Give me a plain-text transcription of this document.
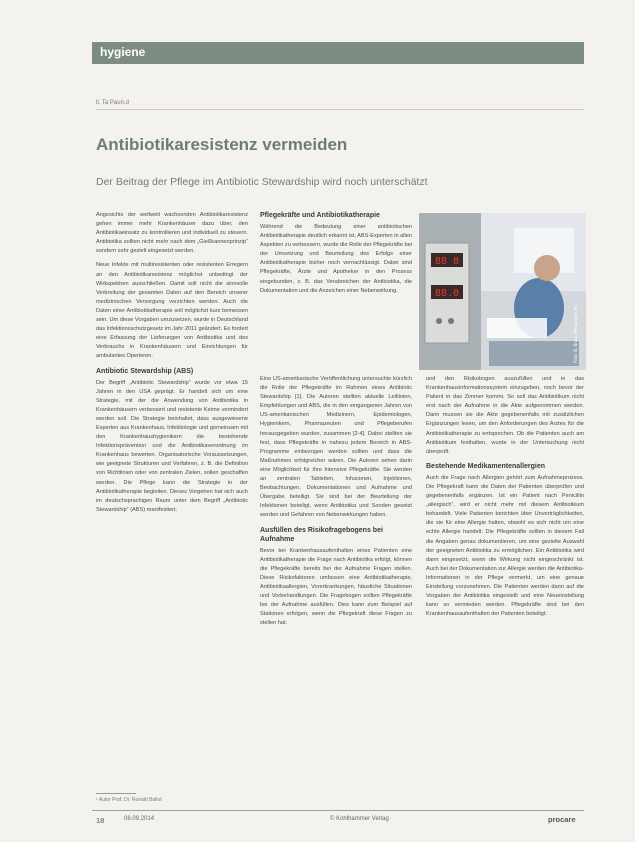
hygiene
ll. Ta Paun.d
Antibiotikaresistenz vermeiden
Der Beitrag der Pflege im Antibiotic Stewardship wird noch unterschätzt

Angesichts der weltweit wachsenden Antibiotikaresistenz gehen immer mehr Krankenhäuser dazu über, den Antibiotikaeinsatz zu kontrollieren und individuell zu steuern. Antibiotika sollten nicht mehr nach dem „Gießkannenprinzip“ sondern sehr gezielt eingesetzt werden.

Neue Infekte mit multiresistenten oder resistenten Erregern an den Antibiotikaresistenz möglichst unbedingt der Wirkspektren ausschließen. Damit soll nicht die sinnvolle Verbreitung der gesamten Daten auf den Bereich unserer medizinischen Versorgung verzichten werden. Auch die Daten einer Antibiotikatherapie soll möglichst kurz bemessen sein. Um diese Vorgaben umzusetzen, wurde in Deutschland das Infektionsschutzgesetz im Jahr 2011 geändert. Es fordert eine Erfassung der Lieferungen von Antibiotika und des Verbrauchs in Krankenhäusern und Einrichtungen für ambulantes Operieren.

Antibiotic Stewardship (ABS)

Der Begriff „Antibiotic Stewardship“ wurde vor etwa 15 Jahren in den USA geprägt. Er handelt sich um eine Strategie, mit der die Anwendung von Antibiotika in Krankenhäusern verbessert und resistente Keime vermindert werden soll. Die Strategie beinhaltet, dass ausgewiesene Experten aus Krankenhaus, Infektiologie und gemeinsam mit den Krankenhaushygienikern die bestehende Infektionsprävention und die Antibiotikaverordnung im Krankenhaus bewerten. Organisatorische Voraussetzungen, wie geeignete Strukturen und Verfahren, z. B. die Definition von Richtlinien oder von zentralen Zielen, sollen geschaffen werden. Die Pflege kann die Strategie in der Antibiotikatherapie begleiten. Dieses Vorgehen hat sich auch im deutschsprachigen Raum unter dem Begriff „Antibiotic Stewardship“ (ABS) manifestiert.

Pflegekräfte und Antibiotikatherapie

Während die Bedeutung einer antibiotischen Antibiotikatherapie deutlich erkannt ist, ABS-Experten in allen Aspekten zu verbessern, wurde die Rolle der Pflegekräfte bei der Umsetzung und Beurteilung des Erfolgs einer Antibiotikatherapie bisher noch vernachlässigt. Dabei sind Pflegekräfte, Ärzte und Apotheker in den Prozess eingebunden, z. B. das Verabreichen der Antibiotika, die Dokumentation und die Anzeichen einer Nebenwirkung.

88 8
88.0
Foto: B. Braun Melsungen AG

Eine US-amerikanische Veröffentlichung untersuchte kürzlich die Rolle der Pflegekräfte im Rahmen eines Antibiotic Stewardship [1]. Die Autoren stellten aktuelle Leitlinien, Empfehlungen und ABS, die in den vergangenen Jahren von US-amerikanischen Medizinern, Epidemiologen, Hygienikern, Pharmazeuten und Pflegeberufen herausgegeben wurden, zusammen [2-4]. Dabei stellten sie fest, dass Pflegekräfte in nahezu jedem Bereich in ABS-Programme einbezogen werden sollten und dass die Maßnahmen erfolgreicher wären. Die Autoren sehen darin eine Möglichkeit für ihre Intensive Pflegekräfte. Sie werden an zentralen Tabletten, Infusionen, Injektionen, Beobachtungen, Dokumentationen und Aufnahme und Übergabe beteiligt. Sie sind bei der Beurteilung der Infektionen beteiligt, wenn Antibiotika und Sonden gesetzt werden und Gefahren von Nebenwirkungen haben.

Ausfüllen des Risikofragebogens bei Aufnahme

Bevor bei Krankenhausaufenthalten eines Patienten eine Antibiotikatherapie die Frage nach Antibiotika erfolgt, können die Pflegekräfte bereits bei der Aufnahme Fragen stellen. Diese Risikofaktoren umfassen eine Antibiotikatherapie, Antibiotikaallergien, Vorerkrankungen, häusliche Situationen und Vorbehandlungen. Die Fragebogen sollten Pflegekräfte bei der Aufnahme ausfüllen. Dies kann zum Beispiel auf Stationen erfolgen, wenn die Pflegekraft diese Fragen zu stellen hat.

und den Risikobogen auszufüllen und in das Krankenhausinformationssystem einzugeben, noch bevor der Patient in das Zimmer kommt. So soll das Antibiotikum nicht erst nach der Aufnahme in die Akte aufgenommen werden. Dann mussen sie die Akte gegebenenfalls mit zusätzlichen Ergänzungen lesen, um den Anforderungen des Arztes für die Antibiotikatherapie zu entsprechen. Ob die Patienten auch am Antibiotikum festhalten, wurde in der Untersuchung nicht überprüft.

Bestehende Medikamentenallergien

Auch die Frage nach Allergien gehört zum Aufnahmeprozess. Die Pflegekraft kann die Daten der Patienten überprüfen und gegebenenfalls ergänzen. Ist ein Patient nach Penicillin „allergisch“, wird er nicht mehr mit diesem Antibiotikum behandelt. Viele Patienten berichten über Unverträglichkeiten, die sie für eine Allergie halten, obwohl es sich nicht um eine echte Allergie handelt. Die Pflegekräfte sollten in diesem Fall die Angaben genau dokumentieren, um eine gezielte Auswahl der geeigneten Antibiotika zu ermöglichen. Ein Antibiotika wird dann eingesetzt, wenn die Wirkung nicht eingeschränkt ist. Auch bei der Dokumentation zur Allergie werden die Antibiotika-Informationen in der Pflege vermerkt, um eine genaue Einstellung vorzunehmen. Die Patienten werden dann auf die Vorgaben der Antibiotika eingestellt und eine Neueinstellung kann so vermieden werden. Pflegekräfte sind bei den Krankenhausaufenthalten der Patienten beteiligt.

¹ Autor Prof. Dr. Ronald Ballot
18	06.09.2014	© Kohlhammer Verlag	procare
